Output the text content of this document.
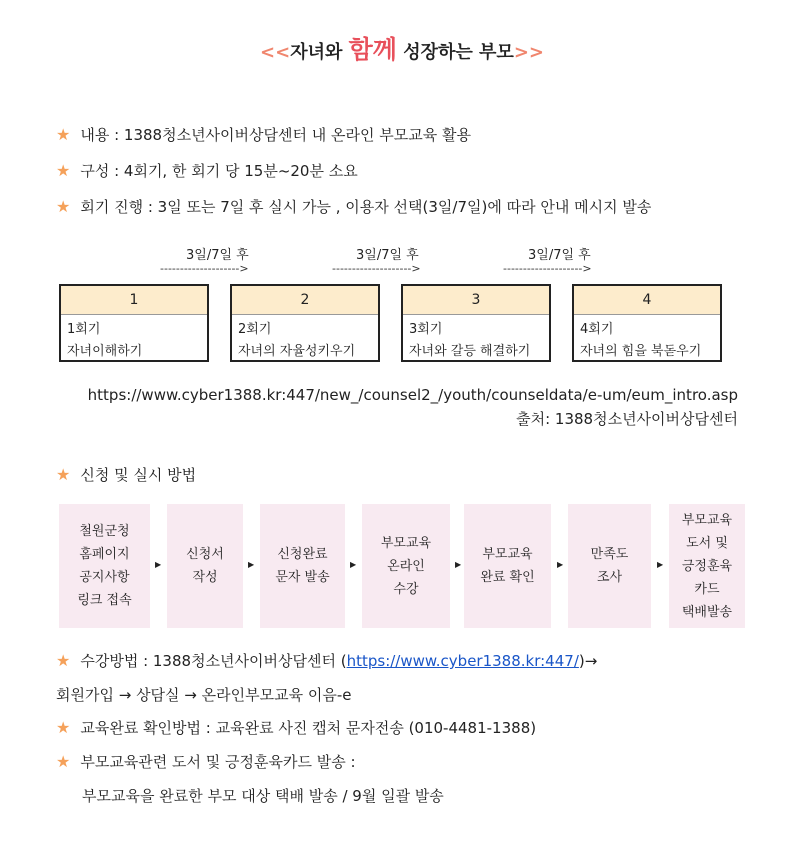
<<자녀와 함께 성장하는 부모>>
★ 내용 : 1388청소년사이버상담센터 내 온라인 부모교육 활용
★ 구성 : 4회기, 한 회기 당 15분~20분 소요
★ 회기 진행 : 3일 또는 7일 후 실시 가능 , 이용자 선택(3일/7일)에 따라 안내 메시지 발송
3일/7일 후	3일/7일 후	3일/7일 후
-------------------->	-------------------->	-------------------->
1
1회기
자녀이해하기
2
2회기
자녀의 자율성키우기
3
3회기
자녀와 갈등 해결하기
4
4회기
자녀의 힘을 북돋우기
https://www.cyber1388.kr:447/new_/counsel2_/youth/counseldata/e-um/eum_intro.asp
출처: 1388청소년사이버상담센터
★ 신청 및 실시 방법
철원군청
홈페이지
공지사항
링크 접속
▶
신청서
작성
▶
신청완료
문자 발송
▶
부모교육
온라인
수강
▶
부모교육
완료 확인
▶
만족도
조사
▶
부모교육
도서 및
긍정훈육
카드
택배발송
★ 수강방법 : 1388청소년사이버상담센터 (https://www.cyber1388.kr:447/)→
회원가입 → 상담실 → 온라인부모교육 이음-e
★ 교육완료 확인방법 : 교육완료 사진 캡처 문자전송 (010-4481-1388)
★ 부모교육관련 도서 및 긍정훈육카드 발송 :
부모교육을 완료한 부모 대상 택배 발송 / 9월 일괄 발송
